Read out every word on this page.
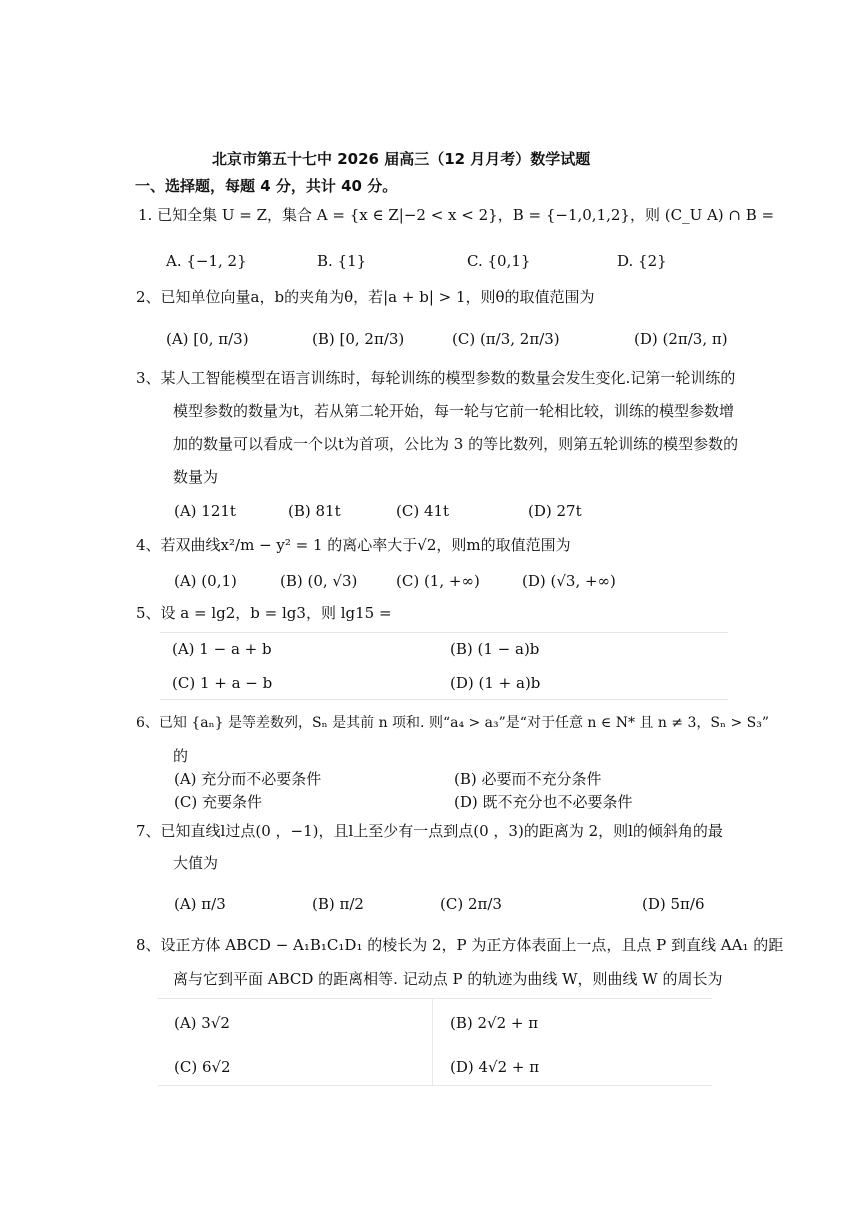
北京市第五十七中 2026 届高三（12 月月考）数学试题
一、选择题，每题 4 分，共计 40 分。
1. 已知全集 U = Z，集合 A = {x ∈ Z|−2 < x < 2}，B = {−1,0,1,2}，则 (C_U A) ∩ B =
A. {−1, 2}	B. {1}	C. {0,1}	D. {2}
2、已知单位向量a，b的夹角为θ，若|a + b| > 1，则θ的取值范围为
(A) [0, π/3)	(B) [0, 2π/3)	(C) (π/3, 2π/3)	(D) (2π/3, π)
3、某人工智能模型在语言训练时，每轮训练的模型参数的数量会发生变化.记第一轮训练的
模型参数的数量为t，若从第二轮开始，每一轮与它前一轮相比较，训练的模型参数增
加的数量可以看成一个以t为首项，公比为 3 的等比数列，则第五轮训练的模型参数的
数量为
(A) 121t	(B) 81t	(C) 41t	(D) 27t
4、若双曲线x²/m − y² = 1 的离心率大于√2，则m的取值范围为
(A) (0,1)	(B) (0, √3)	(C) (1, +∞)	(D) (√3, +∞)
5、设 a = lg2，b = lg3，则 lg15 =
(A) 1 − a + b	(B) (1 − a)b
(C) 1 + a − b	(D) (1 + a)b
6、已知 {aₙ} 是等差数列，Sₙ 是其前 n 项和. 则“a₄ > a₃”是“对于任意 n ∈ N* 且 n ≠ 3，Sₙ > S₃”
的
(A) 充分而不必要条件	(B) 必要而不充分条件
(C) 充要条件	(D) 既不充分也不必要条件
7、已知直线l过点(0 ，−1)，且l上至少有一点到点(0 ，3)的距离为 2，则l的倾斜角的最
大值为
(A) π/3	(B) π/2	(C) 2π/3	(D) 5π/6
8、设正方体 ABCD − A₁B₁C₁D₁ 的棱长为 2，P 为正方体表面上一点，且点 P 到直线 AA₁ 的距
离与它到平面 ABCD 的距离相等. 记动点 P 的轨迹为曲线 W，则曲线 W 的周长为
(A) 3√2	(B) 2√2 + π
(C) 6√2	(D) 4√2 + π
